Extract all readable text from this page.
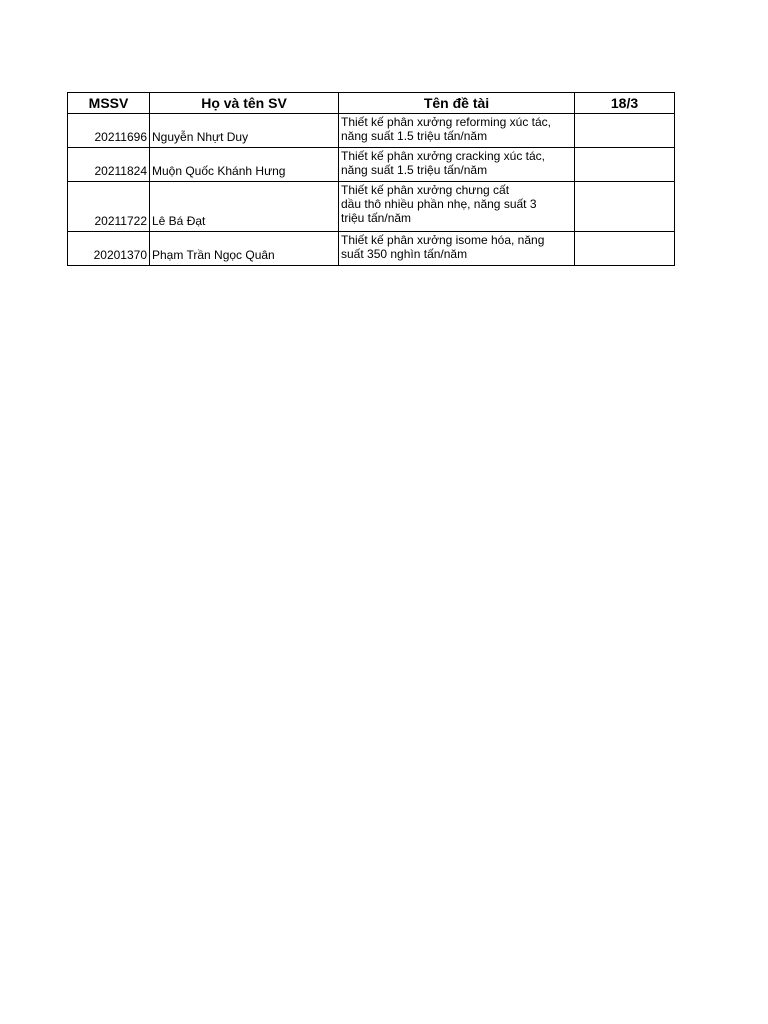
MSSV	Họ và tên SV	Tên đề tài	18/3
20211696	Nguyễn Nhựt Duy	Thiết kế phân xưởng reforming xúc tác,
năng suất 1.5 triệu tấn/năm	
20211824	Muộn Quốc Khánh Hưng	Thiết kế phân xưởng cracking xúc tác,
năng suất 1.5 triệu tấn/năm	
20211722	Lê Bá Đạt	Thiết kế phân xưởng chưng cất
dầu thô nhiều phần nhẹ, năng suất 3
triệu tấn/năm	
20201370	Phạm Trần Ngọc Quân	Thiết kế phân xưởng isome hóa, năng
suất 350 nghìn tấn/năm	
